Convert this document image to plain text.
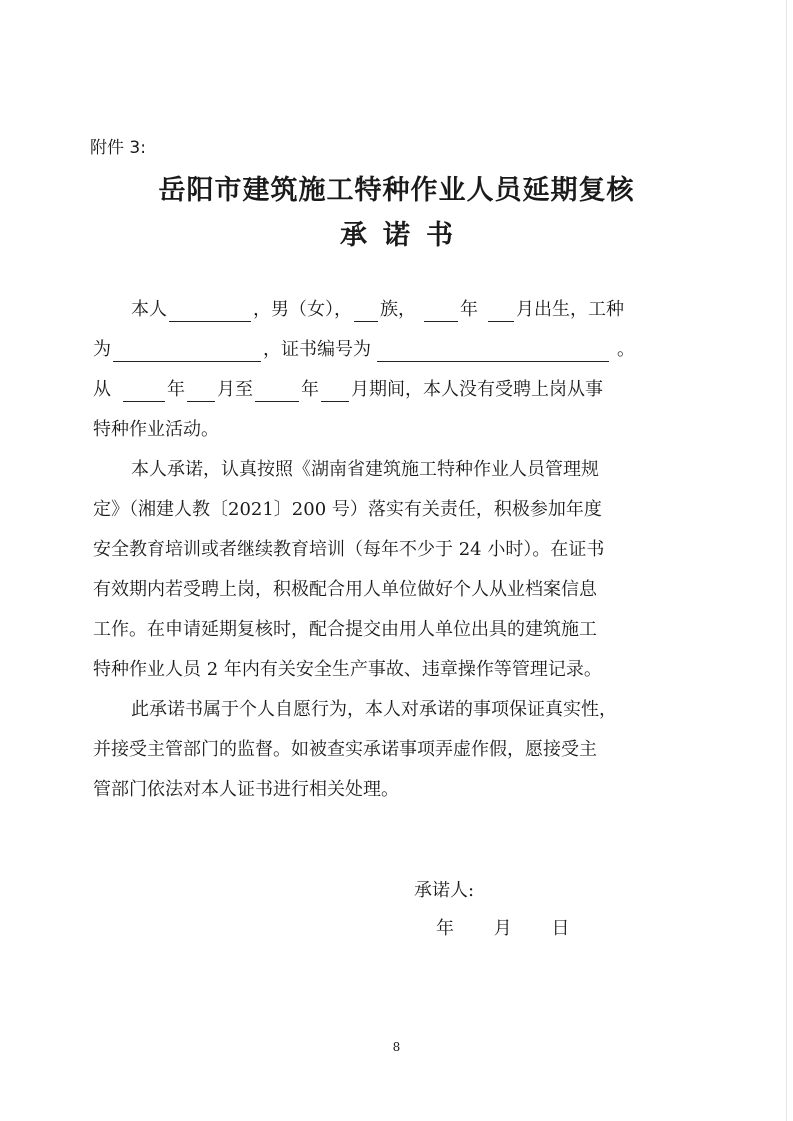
附件 3:
岳阳市建筑施工特种作业人员延期复核
承诺书
本人	，男（女）， 族， 年 月出生，工种
为	，证书编号为	。
从	年 月至	年 月期间，本人没有受聘上岗从事
特种作业活动。
本人承诺，认真按照《湖南省建筑施工特种作业人员管理规
定》（湘建人教〔2021〕200 号）落实有关责任，积极参加年度
安全教育培训或者继续教育培训（每年不少于 24 小时）。在证书
有效期内若受聘上岗，积极配合用人单位做好个人从业档案信息
工作。在申请延期复核时，配合提交由用人单位出具的建筑施工
特种作业人员 2 年内有关安全生产事故、违章操作等管理记录。
此承诺书属于个人自愿行为，本人对承诺的事项保证真实性，
并接受主管部门的监督。如被查实承诺事项弄虚作假，愿接受主
管部门依法对本人证书进行相关处理。
承诺人:
年 月 日
8
